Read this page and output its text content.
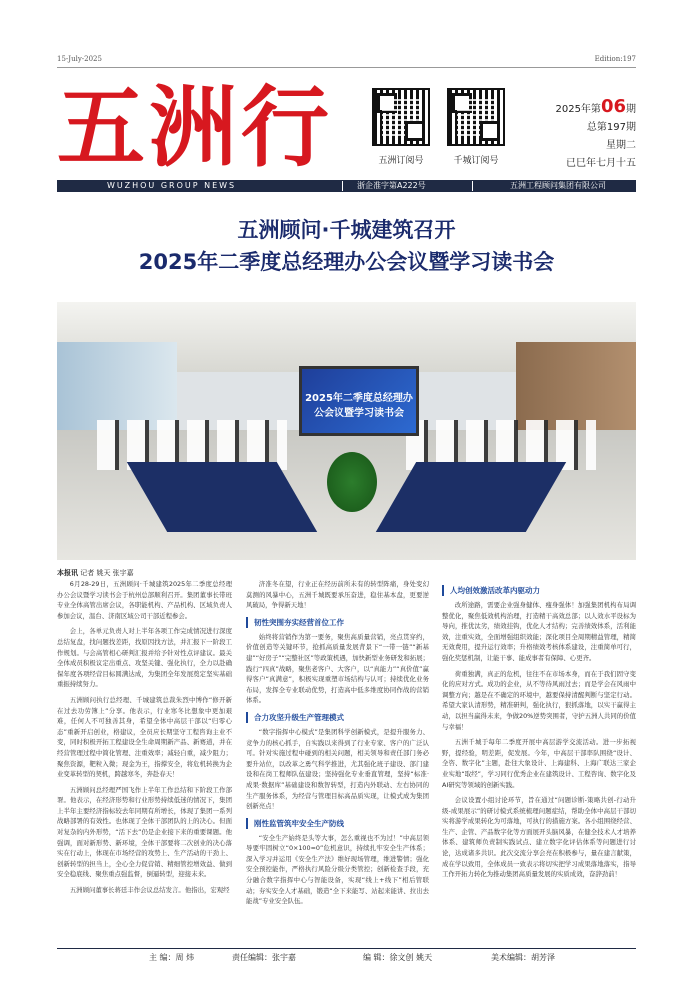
15-July-2025	Edition:197
五洲行	五洲订阅号	千城订阅号
2025年第06期
总第197期
星期二
已巳年七月十五
WUZHOU GROUP NEWS	浙企准字第A222号	五洲工程顾问集团有限公司
五洲顾问·千城建筑召开
2025年二季度总经理办公会议暨学习读书会
2025年二季度总经理办公会议暨学习读书会
本报讯 记者 姚天 张宇嘉

6月28-29日，五洲顾问·千城建筑2025年二季度总经理办公会议暨学习读书会于杭州总部顺利召开。集团董事长带班专业全体高管出席会议，各职能机构、产品机构、区域负责人参加会议，温台、济南区域公司干部近程参会。

会上，各单元负责人对上半年各项工作完成情况进行深度总结复盘，找问题找差距，找原因找方法，并汇报下一阶段工作规划。与会高管相心研判汇报并给予针对性点评建议。最关全体成员积极议定出重点、攻坚关键、强化执行，全力以赴确保年度各项经营目标圆满达成，为集团全年发展奠定坚实基础重振持续努力。

五洲顾问执行总经理、千城建筑总裁朱烈中博作“修开新在过去功劳簿上”分享。他表示，行业寒冬比想象中更加艰难，任何人不可独善其身，希望全体中高层干部以“归零心态”重新开启创业，格建议，全员应长期坚守工程咨询主业不变，同时积极开拓工程建设全生命周期新产品、新赛道，并在经营管理过程中简化管理、注重效率；减轻自重，减少阻力；聚焦资源，靶粒入微；现金为王，指撑安全，将危机转换为企业变革转型的契机，跨越寒冬，奔赴春天！

五洲顾问总经理严国飞作上半年工作总结和下阶段工作部署。他表示，在经济形势和行业形势持续低迷的情况下，集团上半年主要经济指标较去年同期有所增长，体现了集团一系列战略部署的有效性。也体现了全体干部团队的上的决心。但面对复杂的内外形势，“活下去”仍是企业接下来的重要课题。他强调，面对新形势、新环境，全体干部要将二次创业的决心落实在行动上，体现在市场经营的攻势上、生产活动的干劲上、创新转型的担当上，全心全力促营销、精细管控增效益、做到安全稳底线、聚焦重点强监督，倒逼转型，迎接未来。

五洲顾问董事长蒋廷丰作会议总结发言。他指出，宏观经

济准冬在望，行业正在经历前所未有的转型阵痛，身处变幻莫测的风暴中心，五洲千城既要承压奋进，稳住基本盘，更要逆风破局，争得新天地！

韧性突围夯实经营首位工作

始终将营销作为第一要务，聚焦高质量营销，亮点贯穿约，价值创造等关键环节，抢抓高质量发展背景下“一带一链”“新基建”“好房子”“完整社区”等政策机遇，加快新型业务研发和拓展；践行“四真”战略，聚焦老客户、大客户，以“真能力”“真价值”赢得客户“真满意”，积极实现重塑市场结构与认可；持续优化业务布局，发挥全专业联动优势，打造高中低多维度协同作战的营销体系。

合力攻坚升级生产管理模式

“数字指挥中心模式”是集团科学创新模式，是提升服务力、竞争力的核心抓手，自实践以来得到了行业专家、客户的广泛认可。针对实施过程中碰到的相关问题，相关领导和责任部门务必要升站位，以改革之勇气科学推进，尤其强化班子建设、部门建设和在岗工程师队伍建设；坚持强化专业垂直管理，坚持“标准·成果·数据库”基础建设和数智转型，打造内外联动、左右协同的生产服务体系，为经营与管理目标高品质实现，让模式成为集团创新亮点！

刚性监管筑牢安全生产防线

“安全生产始终是头等大事，怎么重视也不为过！”中高层领导要牢固树立“0×100=0”危机意识，持续扎牢安全生产体系；深入学习并运用《安全生产法》维好现场管理，维进警情；强化安全预控能作，严格执行风险分级分类管控；创新检查手段，充分融合数字指挥中心与智能设备，实现“线上+线下”相后管联动；夯实安全人才基础，锻造“全下来能写、站起来能讲、拉出去能战”专业安全队伍。

人均创效激活改革内驱动力

改所途路，需要企业强身健体、瘦身强体！加强集团机构布局调整优化，聚焦低效机构治理，打造精干高效总部；以人效水平设标为导向，推优汰劣，绩效挂钩，优化人才结构；完善绩效体系，活利能效，注重实效，全面增强组织效能；深化项目全周期精益管理，精简无效费用，提升运行效率；升格绩效考核体系建设，注重简单可行，强化奖惩机制，让能干事、能成事者有保障、心更齐。

荷重独满，真正的危机，往往不在市场本身，而在于我们固守变化的应对方式。成功的企业，从不等待风雨过去；而是学会在风雨中调整方向；越是在不确定的环境中，越要保持清醒判断与坚定行动。希望大家认清形势，精准研判，强化执行，狠抓落地，以实干赢得主动，以担当赢得未来，争做20%逆势突围者，守护五洲人共同的价值与幸福！

五洲千城于每年二季度开展中高层游学交流活动。进一步拓视野，提经验，明差距，促发展。今年，中高层干部率队围绕“设计、全咨、数字化”主题，赴往大象设计、上海建科、上海广联达三家企业实地“取经”，学习同行优秀企业在建筑设计、工程咨询、数字化及AI研究等领域的创新实践。

会议设置小组讨论环节，旨在通过“问题诊断-策略共创-行动升级-成果展示”的研讨模式系统梳理问题症结，帮助全体中高层干部切实将游学成果转化为可落地，可执行的措施方案。各小组围绕经营、生产、企管、产品数字化等方面展开头脑风暴，在健全技术人才培养体系、建筑师负责制实践试点、建立数字化评估体系等问题进行讨论，达成诸多共识。此次交流分享会亮在积极参与，量在建言献策，成在学以致用，全体成员一致表示将切实把学习成果落地落实，指导工作开拓力转化为推动集团高质量发展的实质成效，奋辞劲前！

主 编：周 炜	责任编辑：张宇嘉	编 辑：徐文创 姚天	美术编辑：胡芳泽
